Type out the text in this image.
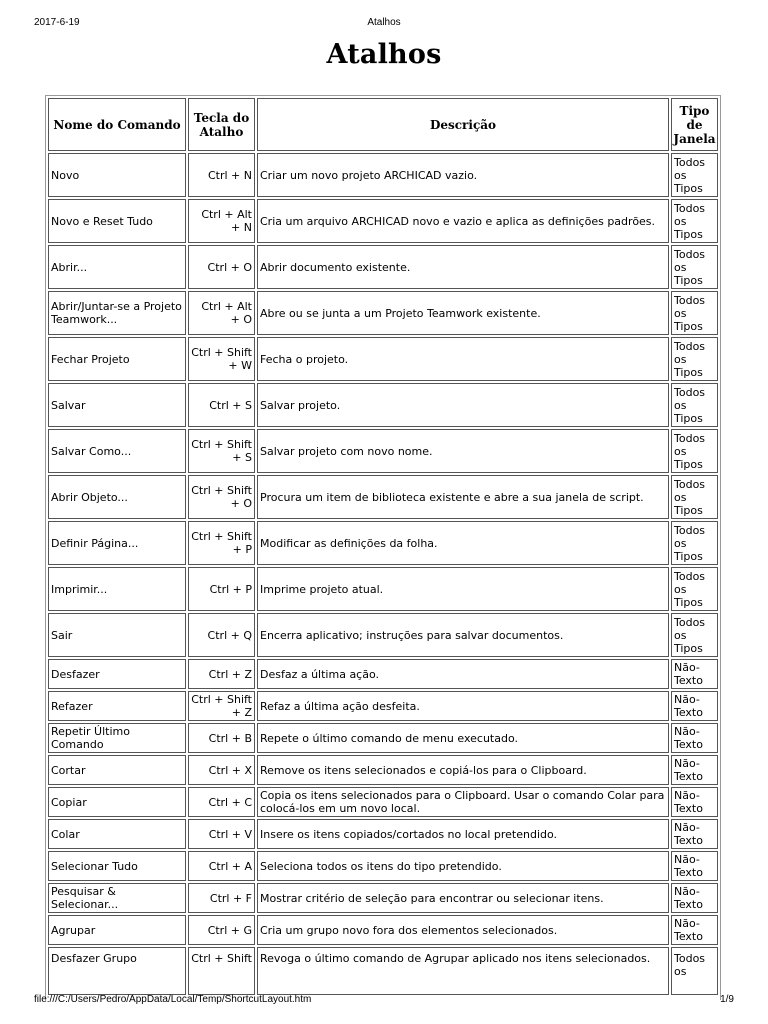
2017-6-19	Atalhos
Atalhos
Nome do Comando	Tecla do Atalho	Descrição	Tipo de Janela
Novo	Ctrl + N	Criar um novo projeto ARCHICAD vazio.	Todos os Tipos
Novo e Reset Tudo	Ctrl + Alt + N	Cria um arquivo ARCHICAD novo e vazio e aplica as definições padrões.	Todos os Tipos
Abrir...	Ctrl + O	Abrir documento existente.	Todos os Tipos
Abrir/Juntar-se a Projeto Teamwork...	Ctrl + Alt + O	Abre ou se junta a um Projeto Teamwork existente.	Todos os Tipos
Fechar Projeto	Ctrl + Shift + W	Fecha o projeto.	Todos os Tipos
Salvar	Ctrl + S	Salvar projeto.	Todos os Tipos
Salvar Como...	Ctrl + Shift + S	Salvar projeto com novo nome.	Todos os Tipos
Abrir Objeto...	Ctrl + Shift + O	Procura um item de biblioteca existente e abre a sua janela de script.	Todos os Tipos
Definir Página...	Ctrl + Shift + P	Modificar as definições da folha.	Todos os Tipos
Imprimir...	Ctrl + P	Imprime projeto atual.	Todos os Tipos
Sair	Ctrl + Q	Encerra aplicativo; instruções para salvar documentos.	Todos os Tipos
Desfazer	Ctrl + Z	Desfaz a última ação.	Não-Texto
Refazer	Ctrl + Shift + Z	Refaz a última ação desfeita.	Não-Texto
Repetir Último Comando	Ctrl + B	Repete o último comando de menu executado.	Não-Texto
Cortar	Ctrl + X	Remove os itens selecionados e copiá-los para o Clipboard.	Não-Texto
Copiar	Ctrl + C	Copia os itens selecionados para o Clipboard. Usar o comando Colar para colocá-los em um novo local.	Não-Texto
Colar	Ctrl + V	Insere os itens copiados/cortados no local pretendido.	Não-Texto
Selecionar Tudo	Ctrl + A	Seleciona todos os itens do tipo pretendido.	Não-Texto
Pesquisar & Selecionar...	Ctrl + F	Mostrar critério de seleção para encontrar ou selecionar itens.	Não-Texto
Agrupar	Ctrl + G	Cria um grupo novo fora dos elementos selecionados.	Não-Texto
Desfazer Grupo	Ctrl + Shift	Revoga o último comando de Agrupar aplicado nos itens selecionados.	Todos os
file:///C:/Users/Pedro/AppData/Local/Temp/ShortcutLayout.htm	1/9
